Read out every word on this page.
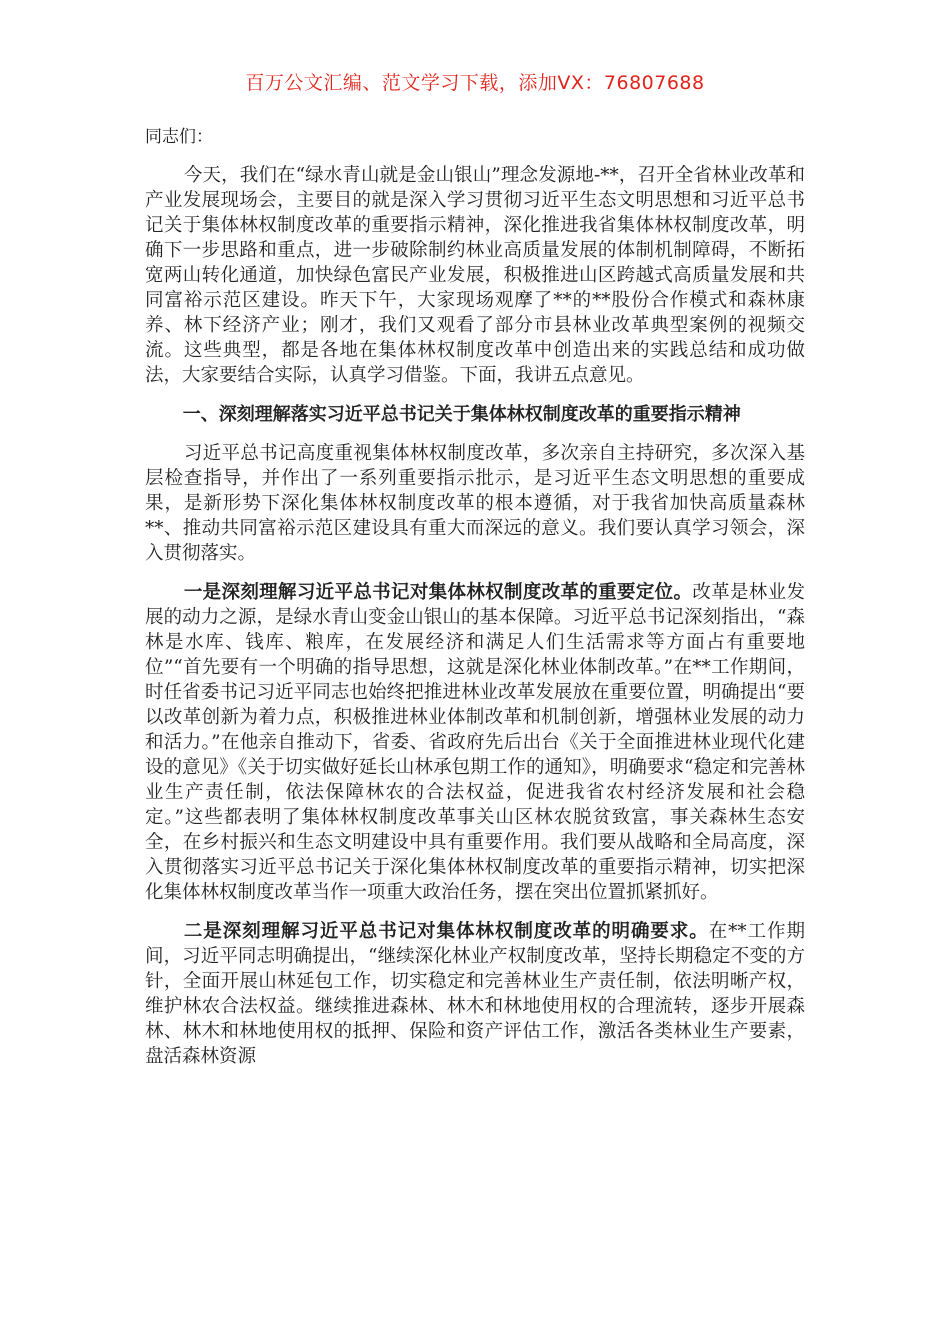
百万公文汇编、范文学习下载，添加VX：76807688

同志们：

今天，我们在“绿水青山就是金山银山”理念发源地-**，召开全省林业改革和产业发展现场会，主要目的就是深入学习贯彻习近平生态文明思想和习近平总书记关于集体林权制度改革的重要指示精神，深化推进我省集体林权制度改革，明确下一步思路和重点，进一步破除制约林业高质量发展的体制机制障碍，不断拓宽两山转化通道，加快绿色富民产业发展，积极推进山区跨越式高质量发展和共同富裕示范区建设。昨天下午，大家现场观摩了**的**股份合作模式和森林康养、林下经济产业；刚才，我们又观看了部分市县林业改革典型案例的视频交流。这些典型，都是各地在集体林权制度改革中创造出来的实践总结和成功做法，大家要结合实际，认真学习借鉴。下面，我讲五点意见。

一、深刻理解落实习近平总书记关于集体林权制度改革的重要指示精神

习近平总书记高度重视集体林权制度改革，多次亲自主持研究，多次深入基层检查指导，并作出了一系列重要指示批示，是习近平生态文明思想的重要成果，是新形势下深化集体林权制度改革的根本遵循，对于我省加快高质量森林**、推动共同富裕示范区建设具有重大而深远的意义。我们要认真学习领会，深入贯彻落实。

一是深刻理解习近平总书记对集体林权制度改革的重要定位。改革是林业发展的动力之源，是绿水青山变金山银山的基本保障。习近平总书记深刻指出，“森林是水库、钱库、粮库，在发展经济和满足人们生活需求等方面占有重要地位”“首先要有一个明确的指导思想，这就是深化林业体制改革。”在**工作期间，时任省委书记习近平同志也始终把推进林业改革发展放在重要位置，明确提出“要以改革创新为着力点，积极推进林业体制改革和机制创新，增强林业发展的动力和活力。”在他亲自推动下，省委、省政府先后出台《关于全面推进林业现代化建设的意见》《关于切实做好延长山林承包期工作的通知》，明确要求“稳定和完善林业生产责任制，依法保障林农的合法权益，促进我省农村经济发展和社会稳定。”这些都表明了集体林权制度改革事关山区林农脱贫致富，事关森林生态安全，在乡村振兴和生态文明建设中具有重要作用。我们要从战略和全局高度，深入贯彻落实习近平总书记关于深化集体林权制度改革的重要指示精神，切实把深化集体林权制度改革当作一项重大政治任务，摆在突出位置抓紧抓好。

二是深刻理解习近平总书记对集体林权制度改革的明确要求。在**工作期间，习近平同志明确提出，“继续深化林业产权制度改革，坚持长期稳定不变的方针，全面开展山林延包工作，切实稳定和完善林业生产责任制，依法明晰产权，维护林农合法权益。继续推进森林、林木和林地使用权的合理流转，逐步开展森林、林木和林地使用权的抵押、保险和资产评估工作，激活各类林业生产要素，盘活森林资源
